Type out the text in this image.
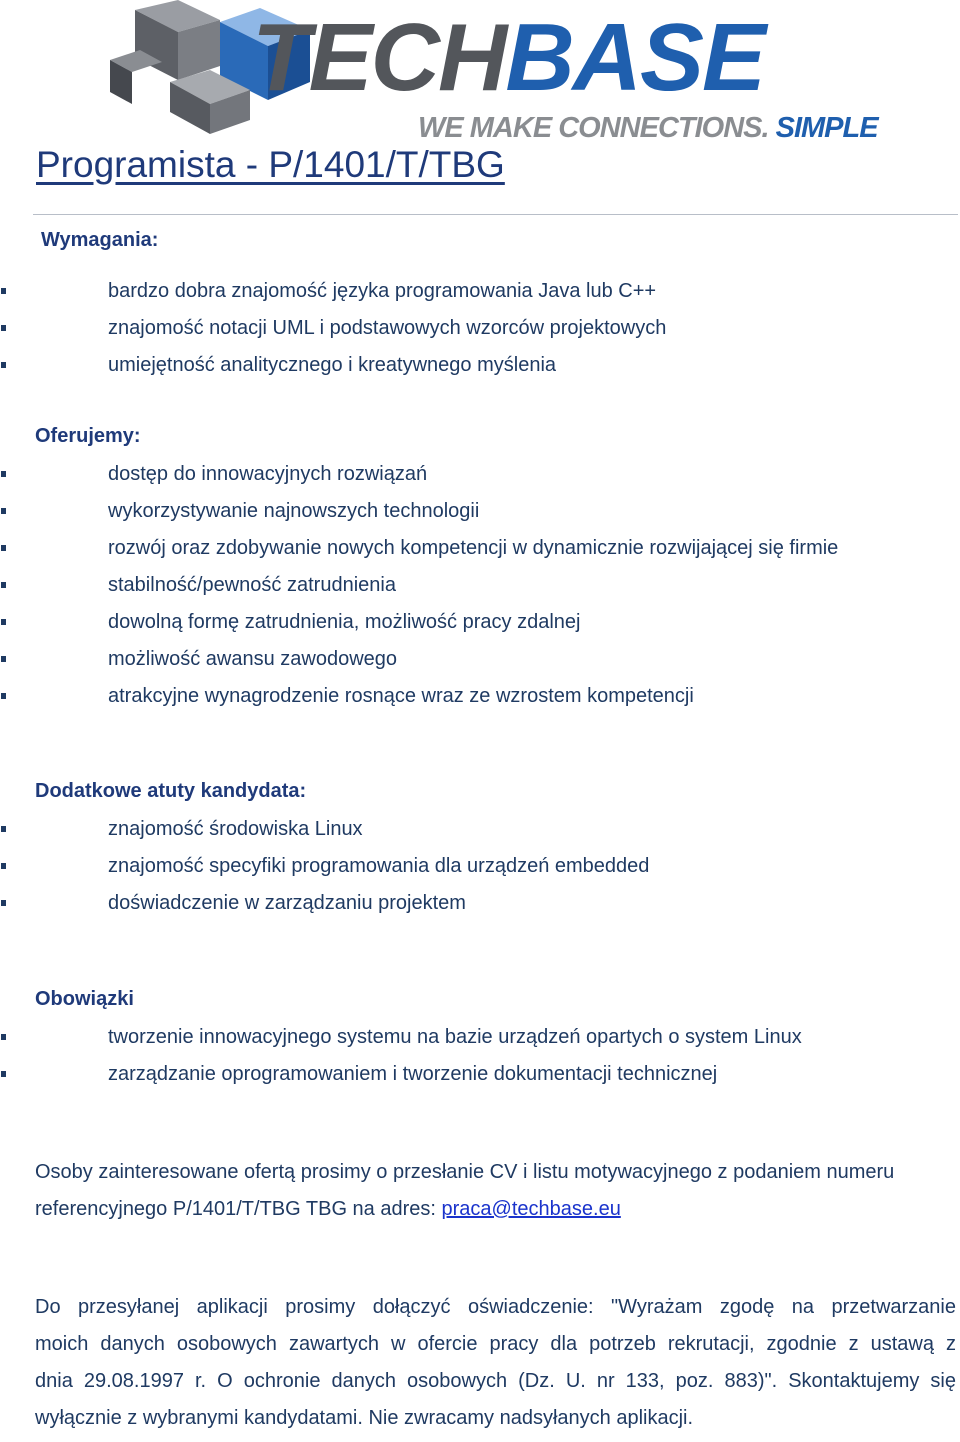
TECHBASE
WE MAKE CONNECTIONS. SIMPLE
Programista - P/1401/T/TBG
Wymagania:
bardzo dobra znajomość języka programowania Java lub C++
znajomość notacji UML i podstawowych wzorców projektowych
umiejętność analitycznego i kreatywnego myślenia
Oferujemy:
dostęp do innowacyjnych rozwiązań
wykorzystywanie najnowszych technologii
rozwój oraz zdobywanie nowych kompetencji w dynamicznie rozwijającej się firmie
stabilność/pewność zatrudnienia
dowolną formę zatrudnienia, możliwość pracy zdalnej
możliwość awansu zawodowego
atrakcyjne wynagrodzenie rosnące wraz ze wzrostem kompetencji
Dodatkowe atuty kandydata:
znajomość środowiska Linux
znajomość specyfiki programowania dla urządzeń embedded
doświadczenie w zarządzaniu projektem
Obowiązki
tworzenie innowacyjnego systemu na bazie urządzeń opartych o system Linux
zarządzanie oprogramowaniem i tworzenie dokumentacji technicznej
Osoby zainteresowane ofertą prosimy o przesłanie CV i listu motywacyjnego z podaniem numeru
referencyjnego P/1401/T/TBG TBG na adres: praca@techbase.eu
Do przesyłanej aplikacji prosimy dołączyć oświadczenie: "Wyrażam zgodę na przetwarzanie
moich danych osobowych zawartych w ofercie pracy dla potrzeb rekrutacji, zgodnie z ustawą z
dnia 29.08.1997 r. O ochronie danych osobowych (Dz. U. nr 133, poz. 883)". Skontaktujemy się
wyłącznie z wybranymi kandydatami. Nie zwracamy nadsyłanych aplikacji.
